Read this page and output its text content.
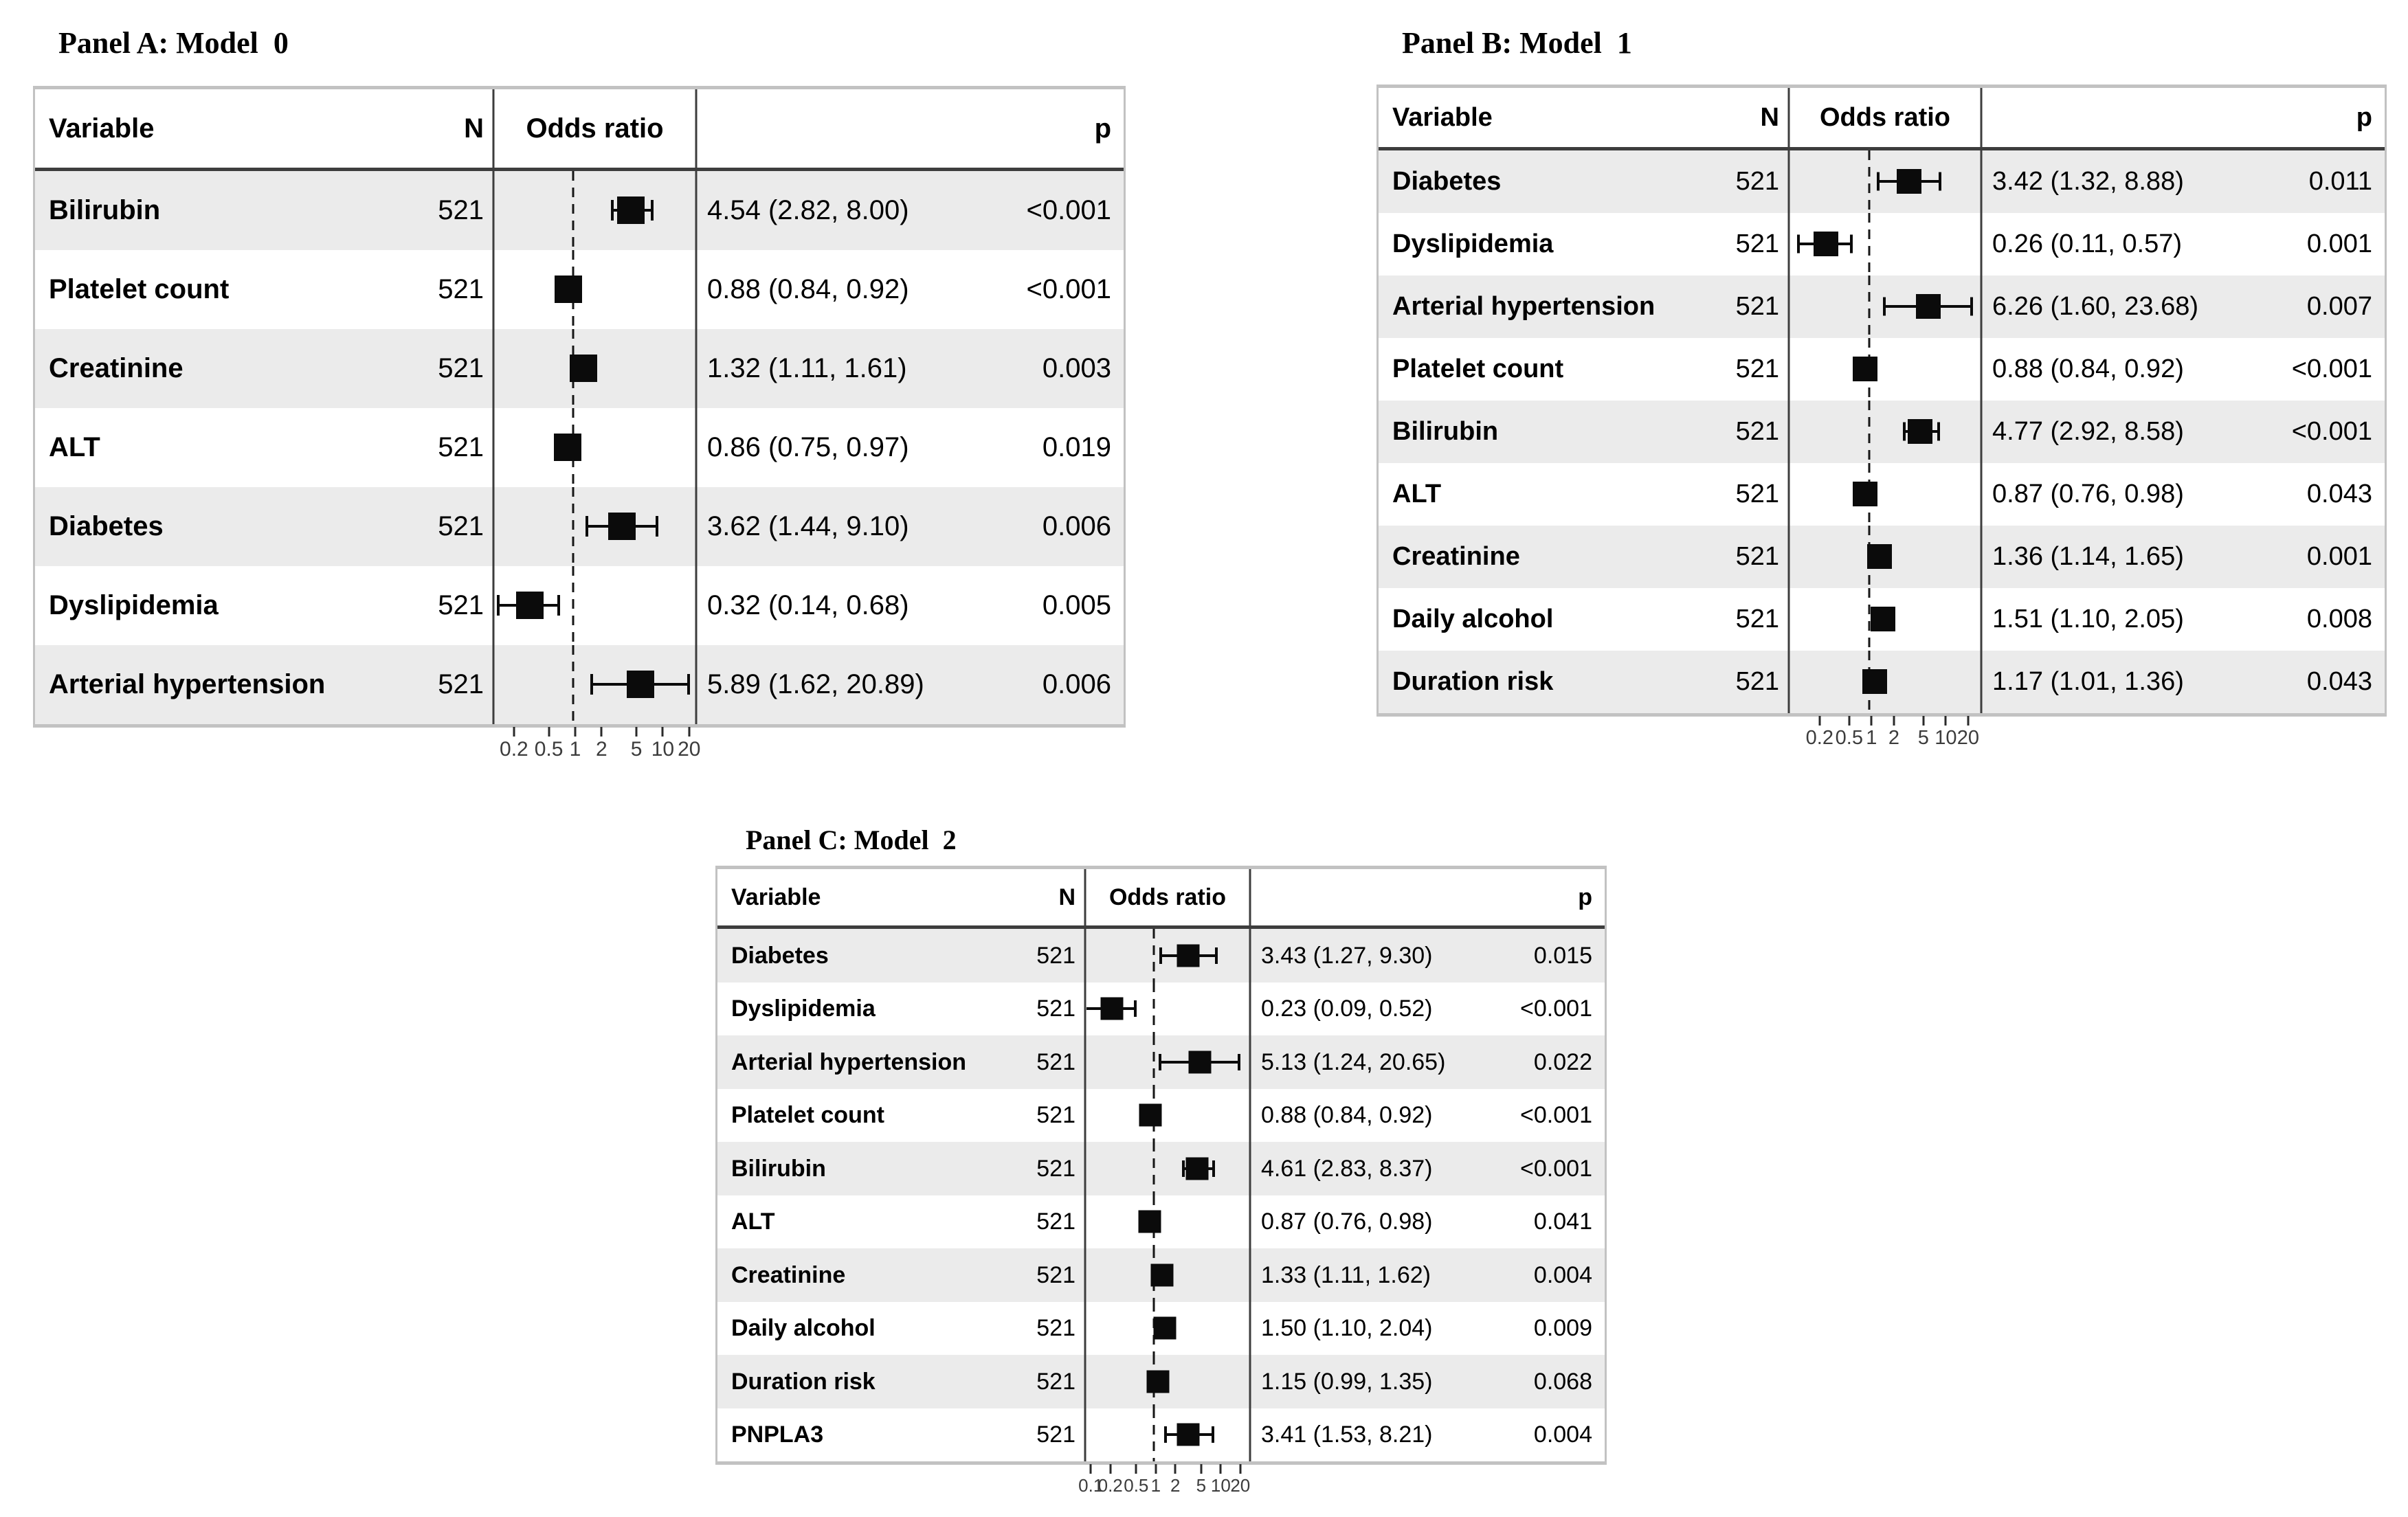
Panel A: Model  0
Variable	N	Odds ratio	p
Bilirubin	521	4.54 (2.82, 8.00)	<0.001
Platelet count	521	0.88 (0.84, 0.92)	<0.001
Creatinine	521	1.32 (1.11, 1.61)	0.003
ALT	521	0.86 (0.75, 0.97)	0.019
Diabetes	521	3.62 (1.44, 9.10)	0.006
Dyslipidemia	521	0.32 (0.14, 0.68)	0.005
Arterial hypertension	521	5.89 (1.62, 20.89)	0.006
0.2 0.5 1 2 5 10 20
Panel B: Model  1
Variable	N	Odds ratio	p
Diabetes	521	3.42 (1.32, 8.88)	0.011
Dyslipidemia	521	0.26 (0.11, 0.57)	0.001
Arterial hypertension	521	6.26 (1.60, 23.68)	0.007
Platelet count	521	0.88 (0.84, 0.92)	<0.001
Bilirubin	521	4.77 (2.92, 8.58)	<0.001
ALT	521	0.87 (0.76, 0.98)	0.043
Creatinine	521	1.36 (1.14, 1.65)	0.001
Daily alcohol	521	1.51 (1.10, 2.05)	0.008
Duration risk	521	1.17 (1.01, 1.36)	0.043
0.2 0.5 1 2 5 10 20
Panel C: Model  2
Variable	N	Odds ratio	p
Diabetes	521	3.43 (1.27, 9.30)	0.015
Dyslipidemia	521	0.23 (0.09, 0.52)	<0.001
Arterial hypertension	521	5.13 (1.24, 20.65)	0.022
Platelet count	521	0.88 (0.84, 0.92)	<0.001
Bilirubin	521	4.61 (2.83, 8.37)	<0.001
ALT	521	0.87 (0.76, 0.98)	0.041
Creatinine	521	1.33 (1.11, 1.62)	0.004
Daily alcohol	521	1.50 (1.10, 2.04)	0.009
Duration risk	521	1.15 (0.99, 1.35)	0.068
PNPLA3	521	3.41 (1.53, 8.21)	0.004
0.1
0.2 0.5 1 2 5 10 20
